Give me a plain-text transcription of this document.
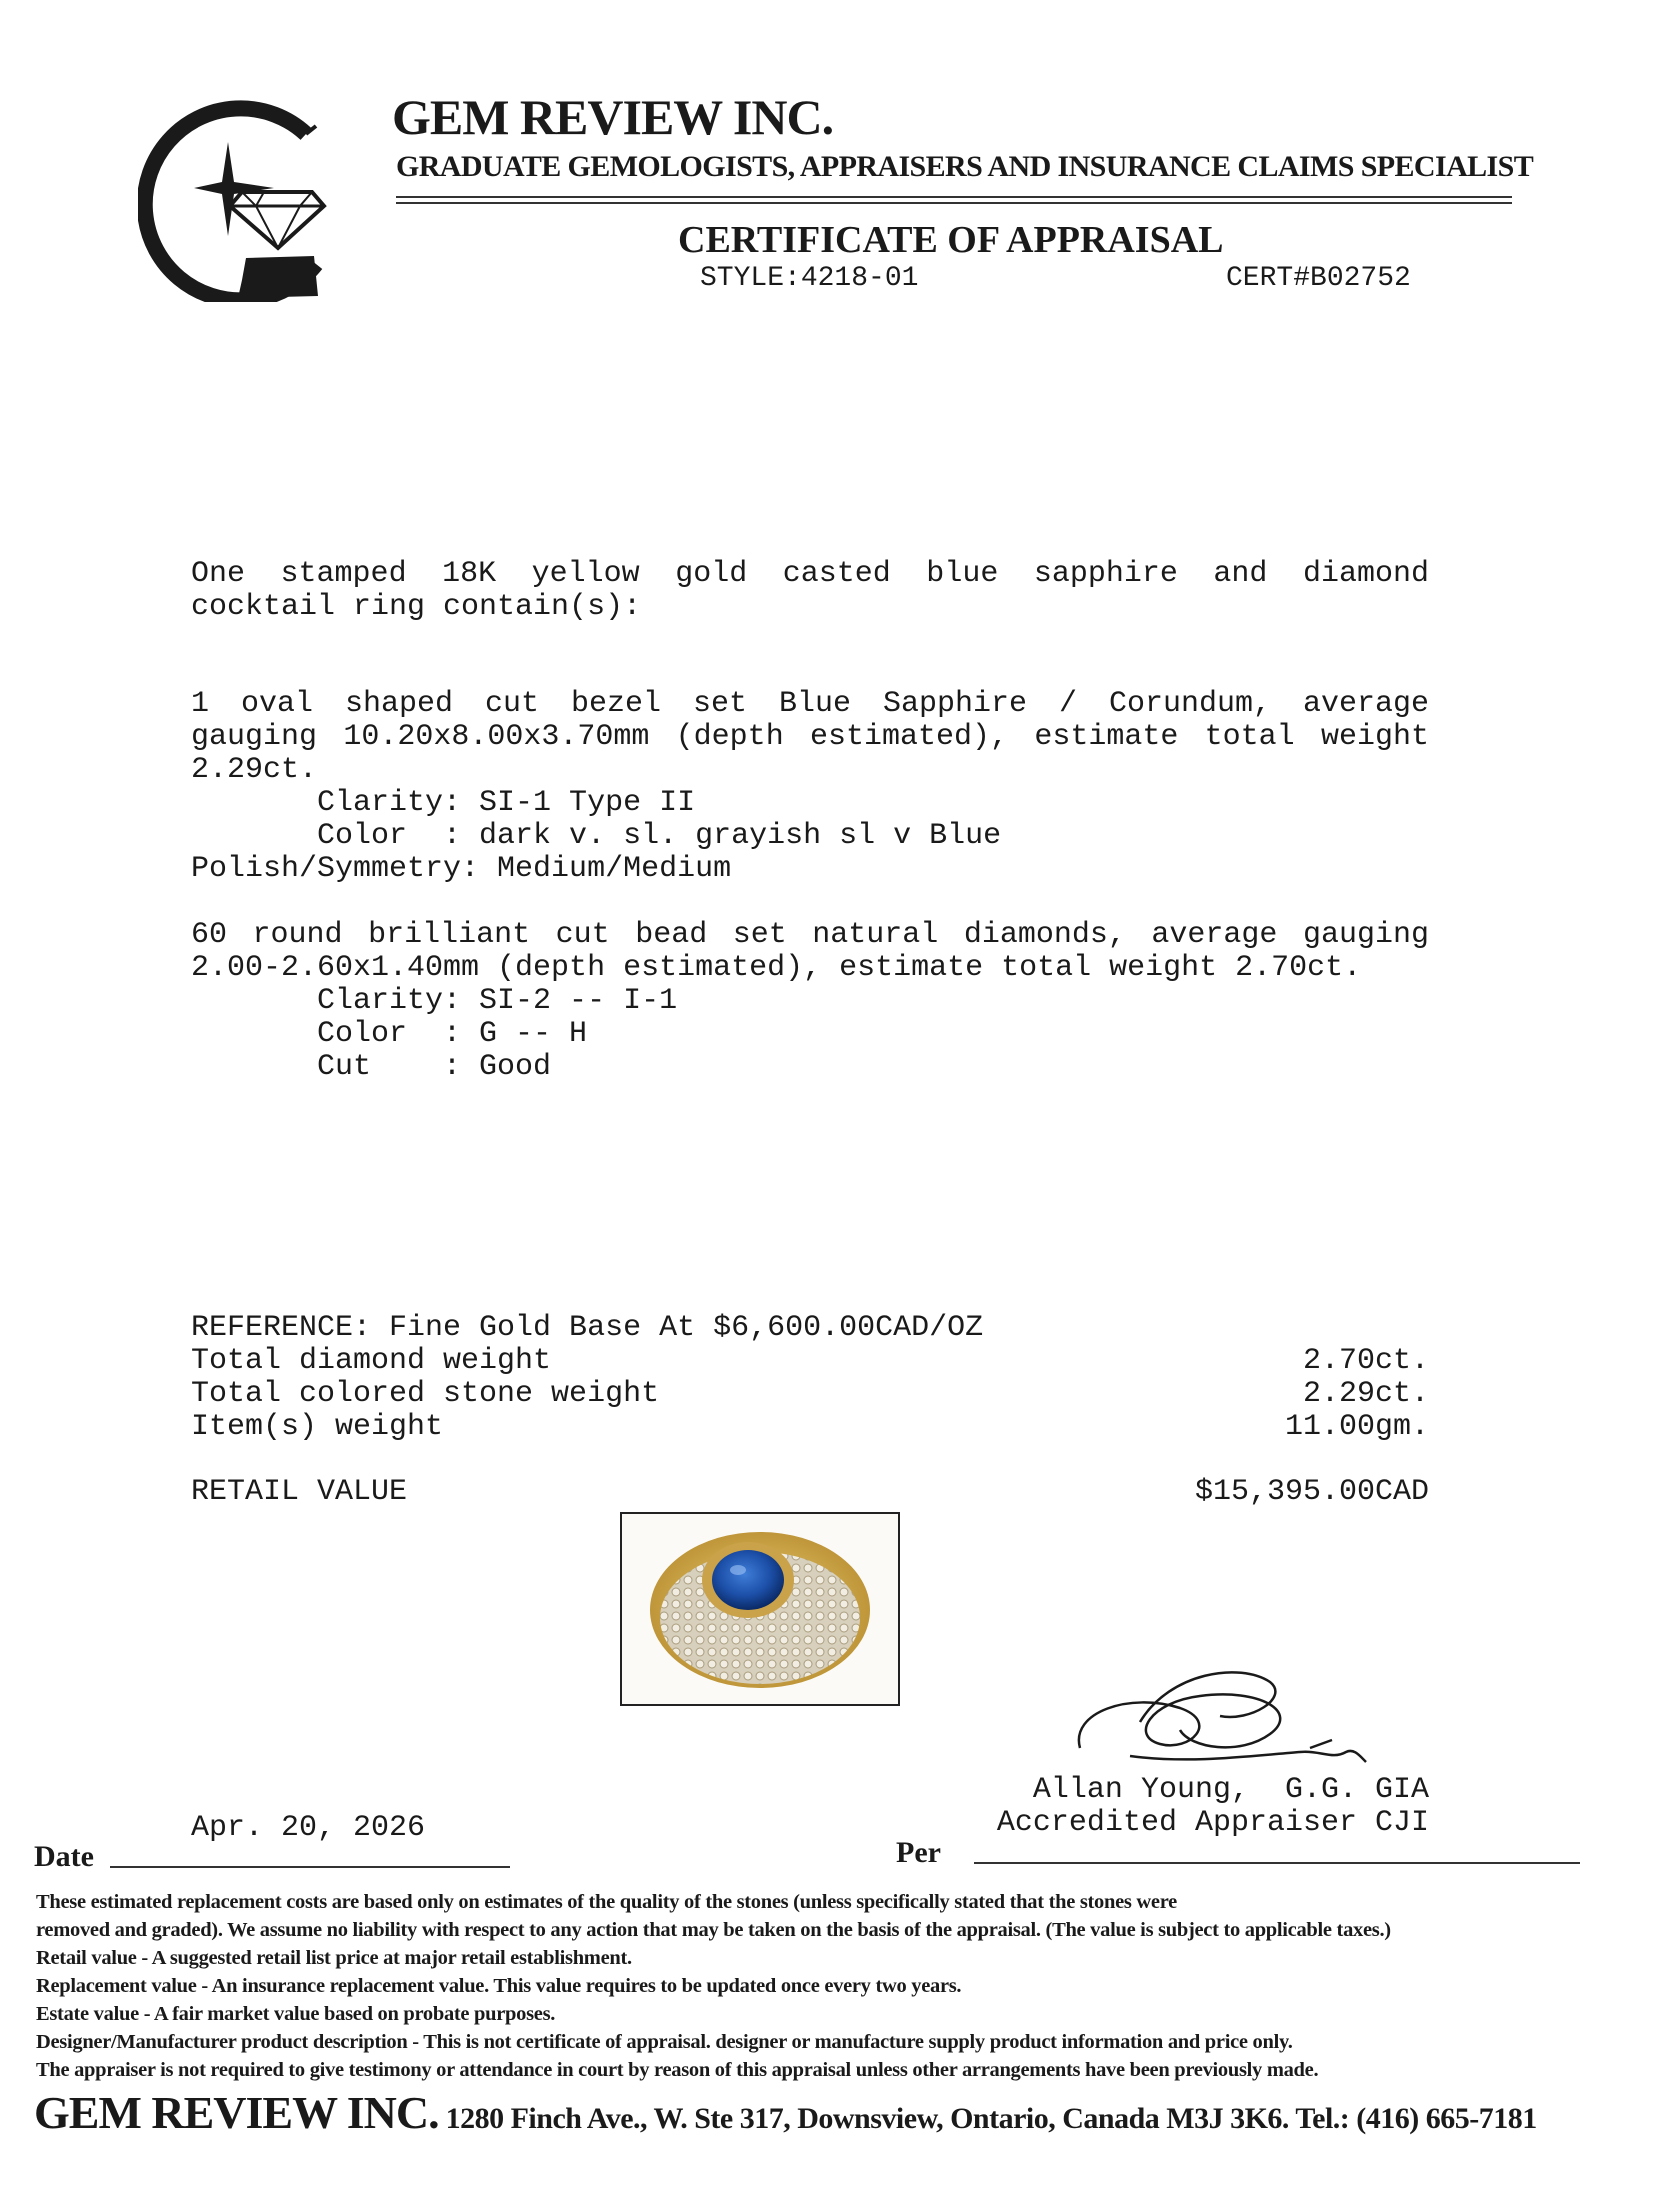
GEM REVIEW INC.
GRADUATE GEMOLOGISTS, APPRAISERS AND INSURANCE CLAIMS SPECIALIST
CERTIFICATE OF APPRAISAL
STYLE:4218-01	CERT#B02752
One stamped 18K yellow gold casted blue sapphire and diamond
cocktail ring contain(s):
1 oval shaped cut bezel set Blue Sapphire / Corundum, average
gauging 10.20x8.00x3.70mm (depth estimated), estimate total weight
2.29ct.
Clarity: SI-1 Type II
Color  : dark v. sl. grayish sl v Blue
Polish/Symmetry: Medium/Medium
60 round brilliant cut bead set natural diamonds, average gauging
2.00-2.60x1.40mm (depth estimated), estimate total weight 2.70ct.
Clarity: SI-2 -- I-1
Color  : G -- H
Cut    : Good
REFERENCE: Fine Gold Base At $6,600.00CAD/OZ
Total diamond weight	2.70ct.
Total colored stone weight	2.29ct.
Item(s) weight	11.00gm.
RETAIL VALUE	$15,395.00CAD
Allan Young,  G.G. GIA
Accredited Appraiser CJI
Apr. 20, 2026
Date	Per
These estimated replacement costs are based only on estimates of the quality of the stones (unless specifically stated that the stones were
removed and graded). We assume no liability with respect to any action that may be taken on the basis of the appraisal. (The value is subject to applicable taxes.)
Retail value - A suggested retail list price at major retail establishment.
Replacement value - An insurance replacement value. This value requires to be updated once every two years.
Estate value - A fair market value based on probate purposes.
Designer/Manufacturer product description - This is not certificate of appraisal. designer or manufacture supply product information and price only.
The appraiser is not required to give testimony or attendance in court by reason of this appraisal unless other arrangements have been previously made.
GEM REVIEW INC. 1280 Finch Ave., W. Ste 317, Downsview, Ontario, Canada M3J 3K6. Tel.: (416) 665-7181
